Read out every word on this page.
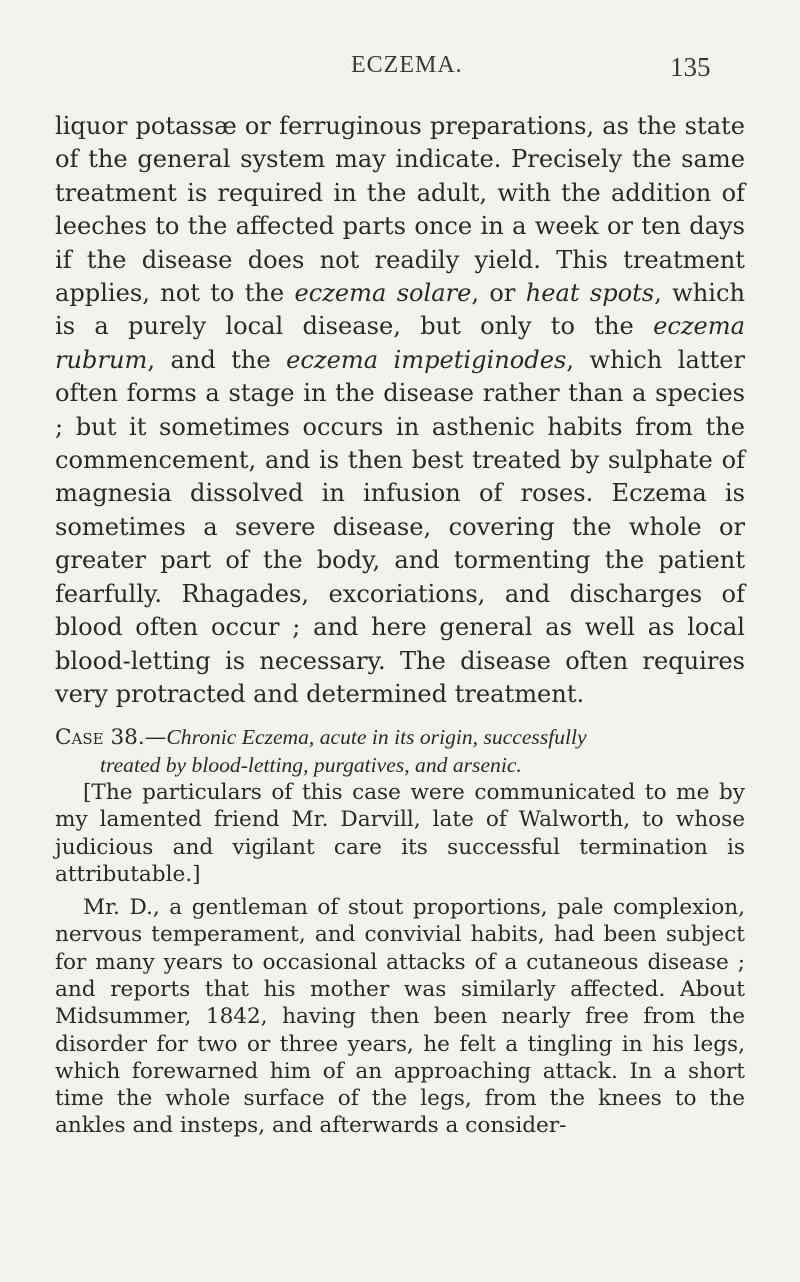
ECZEMA.	135

liquor potassæ or ferruginous preparations, as the state of the general system may indicate. Precisely the same treatment is required in the adult, with the addition of leeches to the affected parts once in a week or ten days if the disease does not readily yield. This treatment applies, not to the eczema solare, or heat spots, which is a purely local disease, but only to the eczema rubrum, and the eczema impetiginodes, which latter often forms a stage in the disease rather than a species ; but it sometimes occurs in asthenic habits from the commencement, and is then best treated by sulphate of magnesia dissolved in infusion of roses. Eczema is sometimes a severe disease, covering the whole or greater part of the body, and tormenting the patient fearfully. Rhagades, excoriations, and discharges of blood often occur ; and here general as well as local blood-letting is necessary. The disease often requires very protracted and determined treatment.

Case 38.—Chronic Eczema, acute in its origin, successfully
treated by blood-letting, purgatives, and arsenic.

[The particulars of this case were communicated to me by my lamented friend Mr. Darvill, late of Walworth, to whose judicious and vigilant care its successful termination is attributable.]

Mr. D., a gentleman of stout proportions, pale complexion, nervous temperament, and convivial habits, had been subject for many years to occasional attacks of a cutaneous disease ; and reports that his mother was similarly affected. About Midsummer, 1842, having then been nearly free from the disorder for two or three years, he felt a tingling in his legs, which forewarned him of an approaching attack. In a short time the whole surface of the legs, from the knees to the ankles and insteps, and afterwards a consider-
